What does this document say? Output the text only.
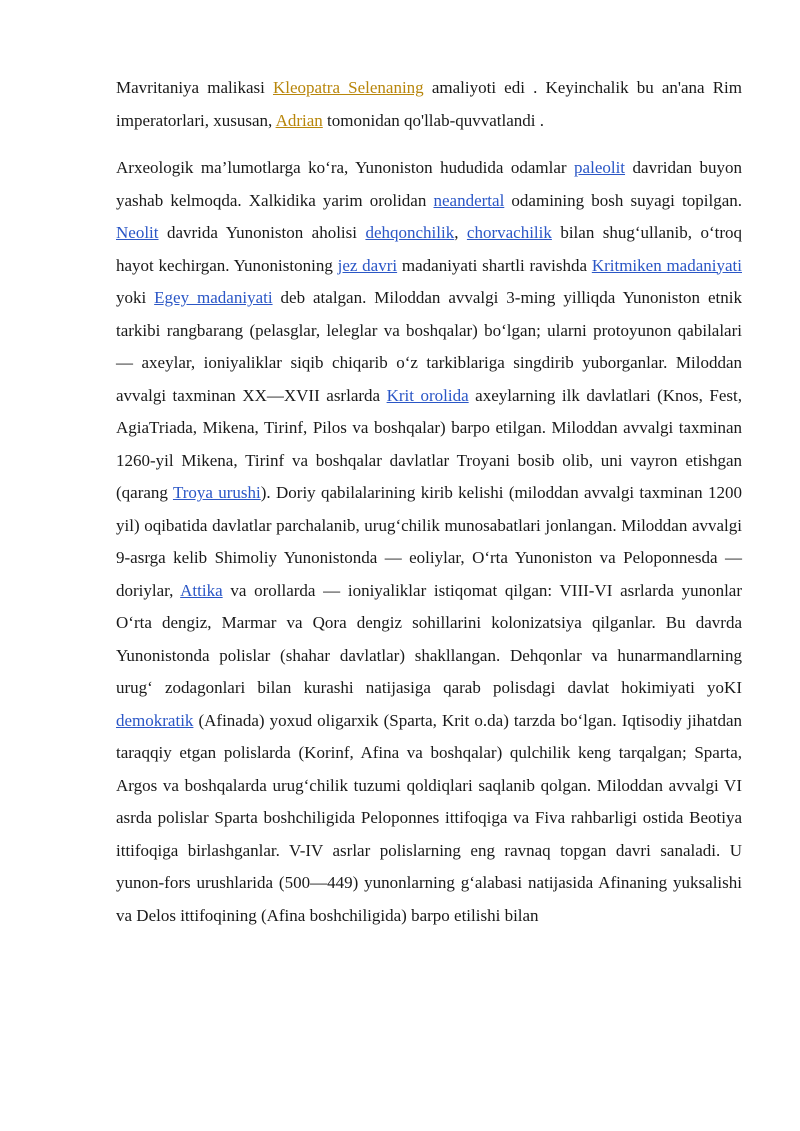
Mavritaniya malikasi Kleopatra Selenaning amaliyoti edi . Keyinchalik bu an'ana Rim imperatorlari, xususan, Adrian tomonidan qo'llab-quvvatlandi .

Arxeologik ma’lumotlarga ko‘ra, Yunoniston hududida odamlar paleolit davridan buyon yashab kelmoqda. Xalkidika yarim orolidan neandertal odamining bosh suyagi topilgan. Neolit davrida Yunoniston aholisi dehqonchilik, chorvachilik bilan shug‘ullanib, o‘troq hayot kechirgan. Yunonistoning jez davri madaniyati shartli ravishda Kritmiken madaniyati yoki Egey madaniyati deb atalgan. Miloddan avvalgi 3-ming yilliqda Yunoniston etnik tarkibi rangbarang (pelasglar, leleglar va boshqalar) bo‘lgan; ularni protoyunon qabilalari — axeylar, ioniyaliklar siqib chiqarib o‘z tarkiblariga singdirib yuborganlar. Miloddan avvalgi taxminan XX—XVII asrlarda Krit orolida axeylarning ilk davlatlari (Knos, Fest, AgiaTriada, Mikena, Tirinf, Pilos va boshqalar) barpo etilgan. Miloddan avvalgi taxminan 1260-yil Mikena, Tirinf va boshqalar davlatlar Troyani bosib olib, uni vayron etishgan (qarang Troya urushi). Doriy qabilalarining kirib kelishi (miloddan avvalgi taxminan 1200 yil) oqibatida davlatlar parchalanib, urug‘chilik munosabatlari jonlangan. Miloddan avvalgi 9-asrga kelib Shimoliy Yunonistonda — eoliylar, O‘rta Yunoniston va Peloponnesda — doriylar, Attika va orollarda — ioniyaliklar istiqomat qilgan: VIII-VI asrlarda yunonlar O‘rta dengiz, Marmar va Qora dengiz sohillarini kolonizatsiya qilganlar. Bu davrda Yunonistonda polislar (shahar davlatlar) shakllangan. Dehqonlar va hunarmandlarning urug‘ zodagonlari bilan kurashi natijasiga qarab polisdagi davlat hokimiyati yoKI demokratik (Afinada) yoxud oligarxik (Sparta, Krit o.da) tarzda bo‘lgan. Iqtisodiy jihatdan taraqqiy etgan polislarda (Korinf, Afina va boshqalar) qulchilik keng tarqalgan; Sparta, Argos va boshqalarda urug‘chilik tuzumi qoldiqlari saqlanib qolgan. Miloddan avvalgi VI asrda polislar Sparta boshchiligida Peloponnes ittifoqiga va Fiva rahbarligi ostida Beotiya ittifoqiga birlashganlar. V-IV asrlar polislarning eng ravnaq topgan davri sanaladi. U yunon-fors urushlarida (500—449) yunonlarning g‘alabasi natijasida Afinaning yuksalishi va Delos ittifoqining (Afina boshchiligida) barpo etilishi bilan
